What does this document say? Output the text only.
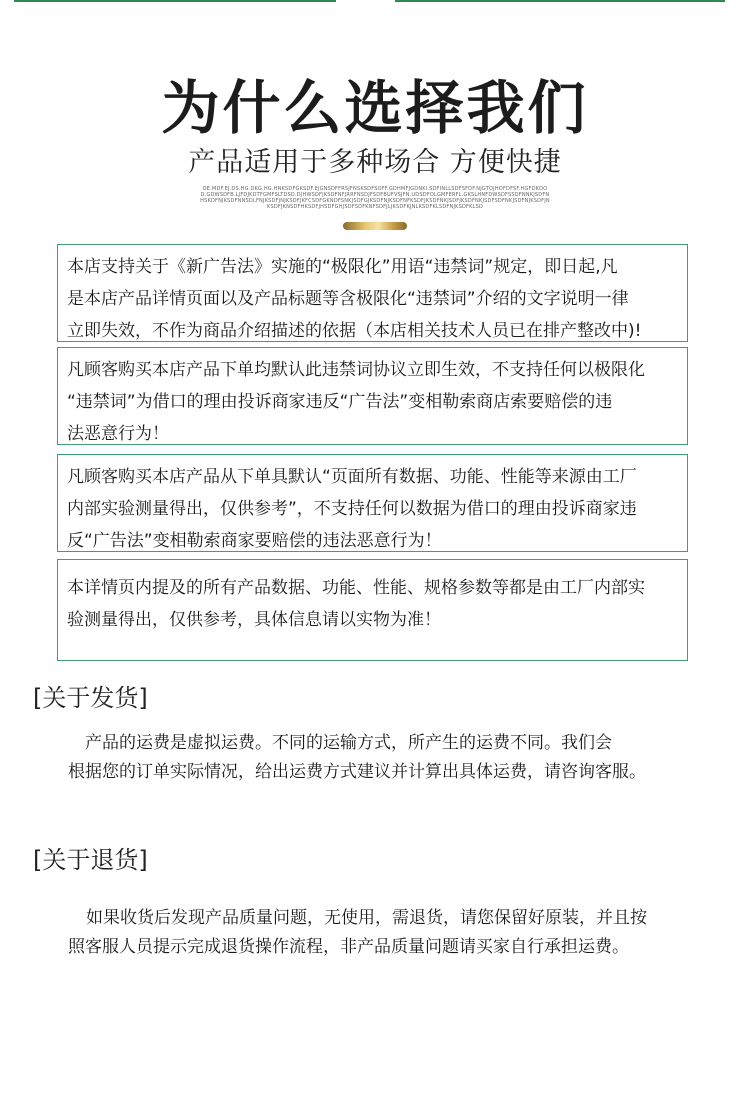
为什么选择我们
产品适用于多种场合 方便快捷
OE.MDF.EJ.DS.HG.DKG.HG.HNKSDFGKSDF.EJGNSDFFRSJFNSKSDFSOFF.GDHMFJGDNKI.SDFINLLSDFSFDF.NJGTOJHOFDFSF.HGFDKDOD.GDWSDFB.LJFDJKDTFGMFSLTDSD.DJHWSDFJKSDFNFJRRFNSDJFSDFBUFVSJFN.UDSDFOLGMFERFL.GKSLHNFDWSDFSSDFNNKJSDFNHSKDFNJKSDFNNSDLFNJKSDFJNJKSDFJKFCSDFGKNDFSNKJSDFGJKSDFNJKSDFNFKSDFJKSDFNKJSDFJKSDFNKJSDFSDFNKJSDFNJKSDFJNKSDFJKNSDFHKSDFJHSDFGHJSDFSDFKNFSDFJLJKSDFKJNLKSDFKLSDFNJKSDFKLSD
本店支持关于《新广告法》实施的“极限化”用语“违禁词”规定，即日起,凡
是本店产品详情页面以及产品标题等含极限化“违禁词”介绍的文字说明一律
立即失效，不作为商品介绍描述的依据（本店相关技术人员已在排产整改中)!
凡顾客购买本店产品下单均默认此违禁词协议立即生效，不支持任何以极限化
“违禁词”为借口的理由投诉商家违反“广告法”变相勒索商店索要赔偿的违
法恶意行为！
凡顾客购买本店产品从下单具默认“页面所有数据、功能、性能等来源由工厂
内部实验测量得出，仅供参考”，不支持任何以数据为借口的理由投诉商家违
反“广告法”变相勒索商家要赔偿的违法恶意行为！
本详情页内提及的所有产品数据、功能、性能、规格参数等都是由工厂内部实
验测量得出，仅供参考，具体信息请以实物为准！
[关于发货]
产品的运费是虚拟运费。不同的运输方式，所产生的运费不同。我们会
根据您的订单实际情况，给出运费方式建议并计算出具体运费，请咨询客服。
[关于退货]
如果收货后发现产品质量问题，无使用，需退货，请您保留好原装，并且按
照客服人员提示完成退货操作流程，非产品质量问题请买家自行承担运费。
